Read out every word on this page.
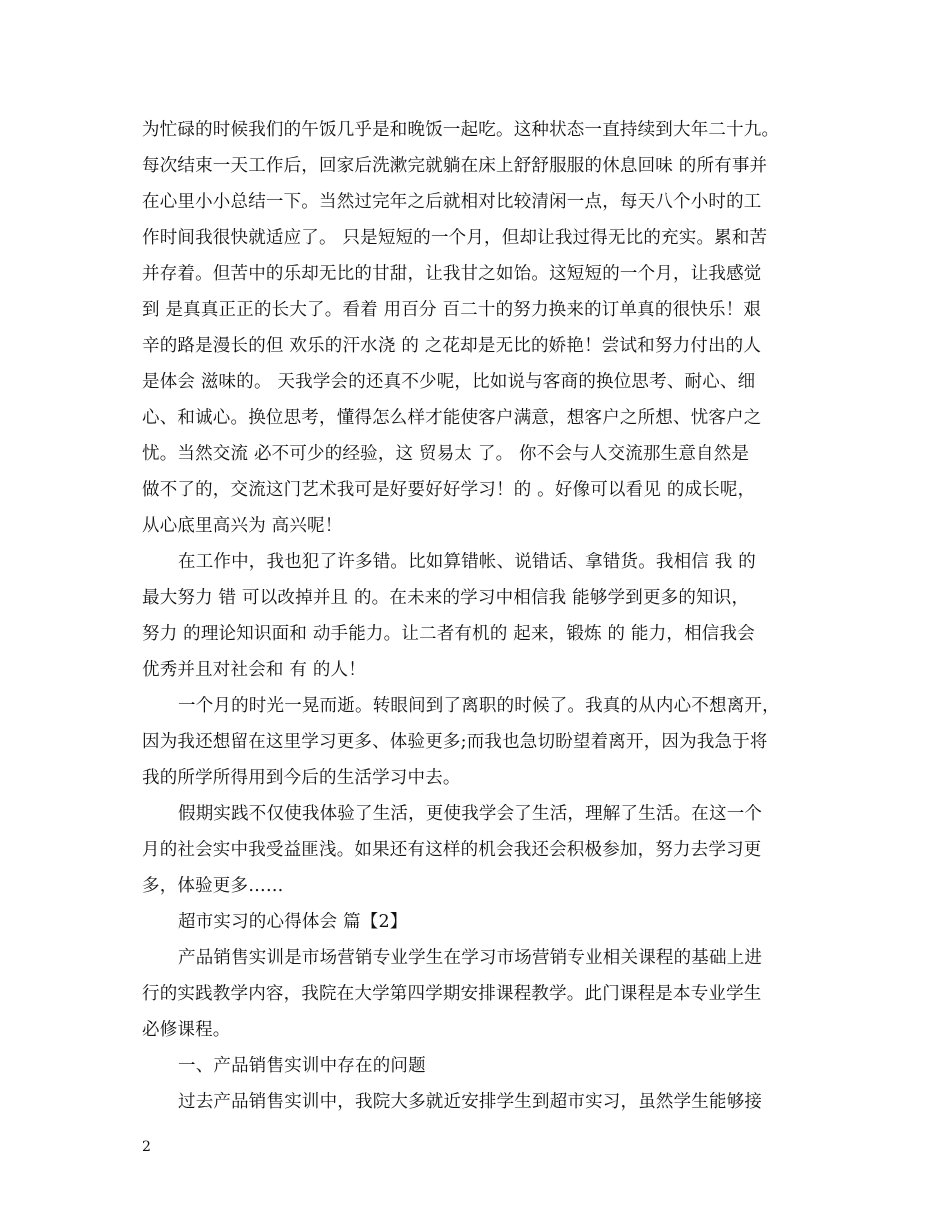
为忙碌的时候我们的午饭几乎是和晚饭一起吃。这种状态一直持续到大年二十九。
每次结束一天工作后，回家后洗漱完就躺在床上舒舒服服的休息回味 的所有事并
在心里小小总结一下。当然过完年之后就相对比较清闲一点，每天八个小时的工
作时间我很快就适应了。 只是短短的一个月，但却让我过得无比的充实。累和苦
并存着。但苦中的乐却无比的甘甜，让我甘之如饴。这短短的一个月，让我感觉
到 是真真正正的长大了。看着 用百分 百二十的努力换来的订单真的很快乐！艰
辛的路是漫长的但 欢乐的汗水浇 的 之花却是无比的娇艳！尝试和努力付出的人
是体会 滋味的。 天我学会的还真不少呢，比如说与客商的换位思考、耐心、细
心、和诚心。换位思考，懂得怎么样才能使客户满意，想客户之所想、忧客户之
忧。当然交流 必不可少的经验，这 贸易太 了。 你不会与人交流那生意自然是
做不了的，交流这门艺术我可是好要好好学习！的 。好像可以看见 的成长呢，
从心底里高兴为 高兴呢！
在工作中，我也犯了许多错。比如算错帐、说错话、拿错货。我相信 我 的
最大努力 错 可以改掉并且 的。在未来的学习中相信我 能够学到更多的知识，
努力 的理论知识面和 动手能力。让二者有机的 起来，锻炼 的 能力，相信我会
优秀并且对社会和 有 的人！
一个月的时光一晃而逝。转眼间到了离职的时候了。我真的从内心不想离开，
因为我还想留在这里学习更多、体验更多;而我也急切盼望着离开，因为我急于将
我的所学所得用到今后的生活学习中去。
假期实践不仅使我体验了生活，更使我学会了生活，理解了生活。在这一个
月的社会实中我受益匪浅。如果还有这样的机会我还会积极参加，努力去学习更
多，体验更多……
超市实习的心得体会 篇【2】
产品销售实训是市场营销专业学生在学习市场营销专业相关课程的基础上进
行的实践教学内容，我院在大学第四学期安排课程教学。此门课程是本专业学生
必修课程。
一、产品销售实训中存在的问题
过去产品销售实训中，我院大多就近安排学生到超市实习，虽然学生能够接
2
